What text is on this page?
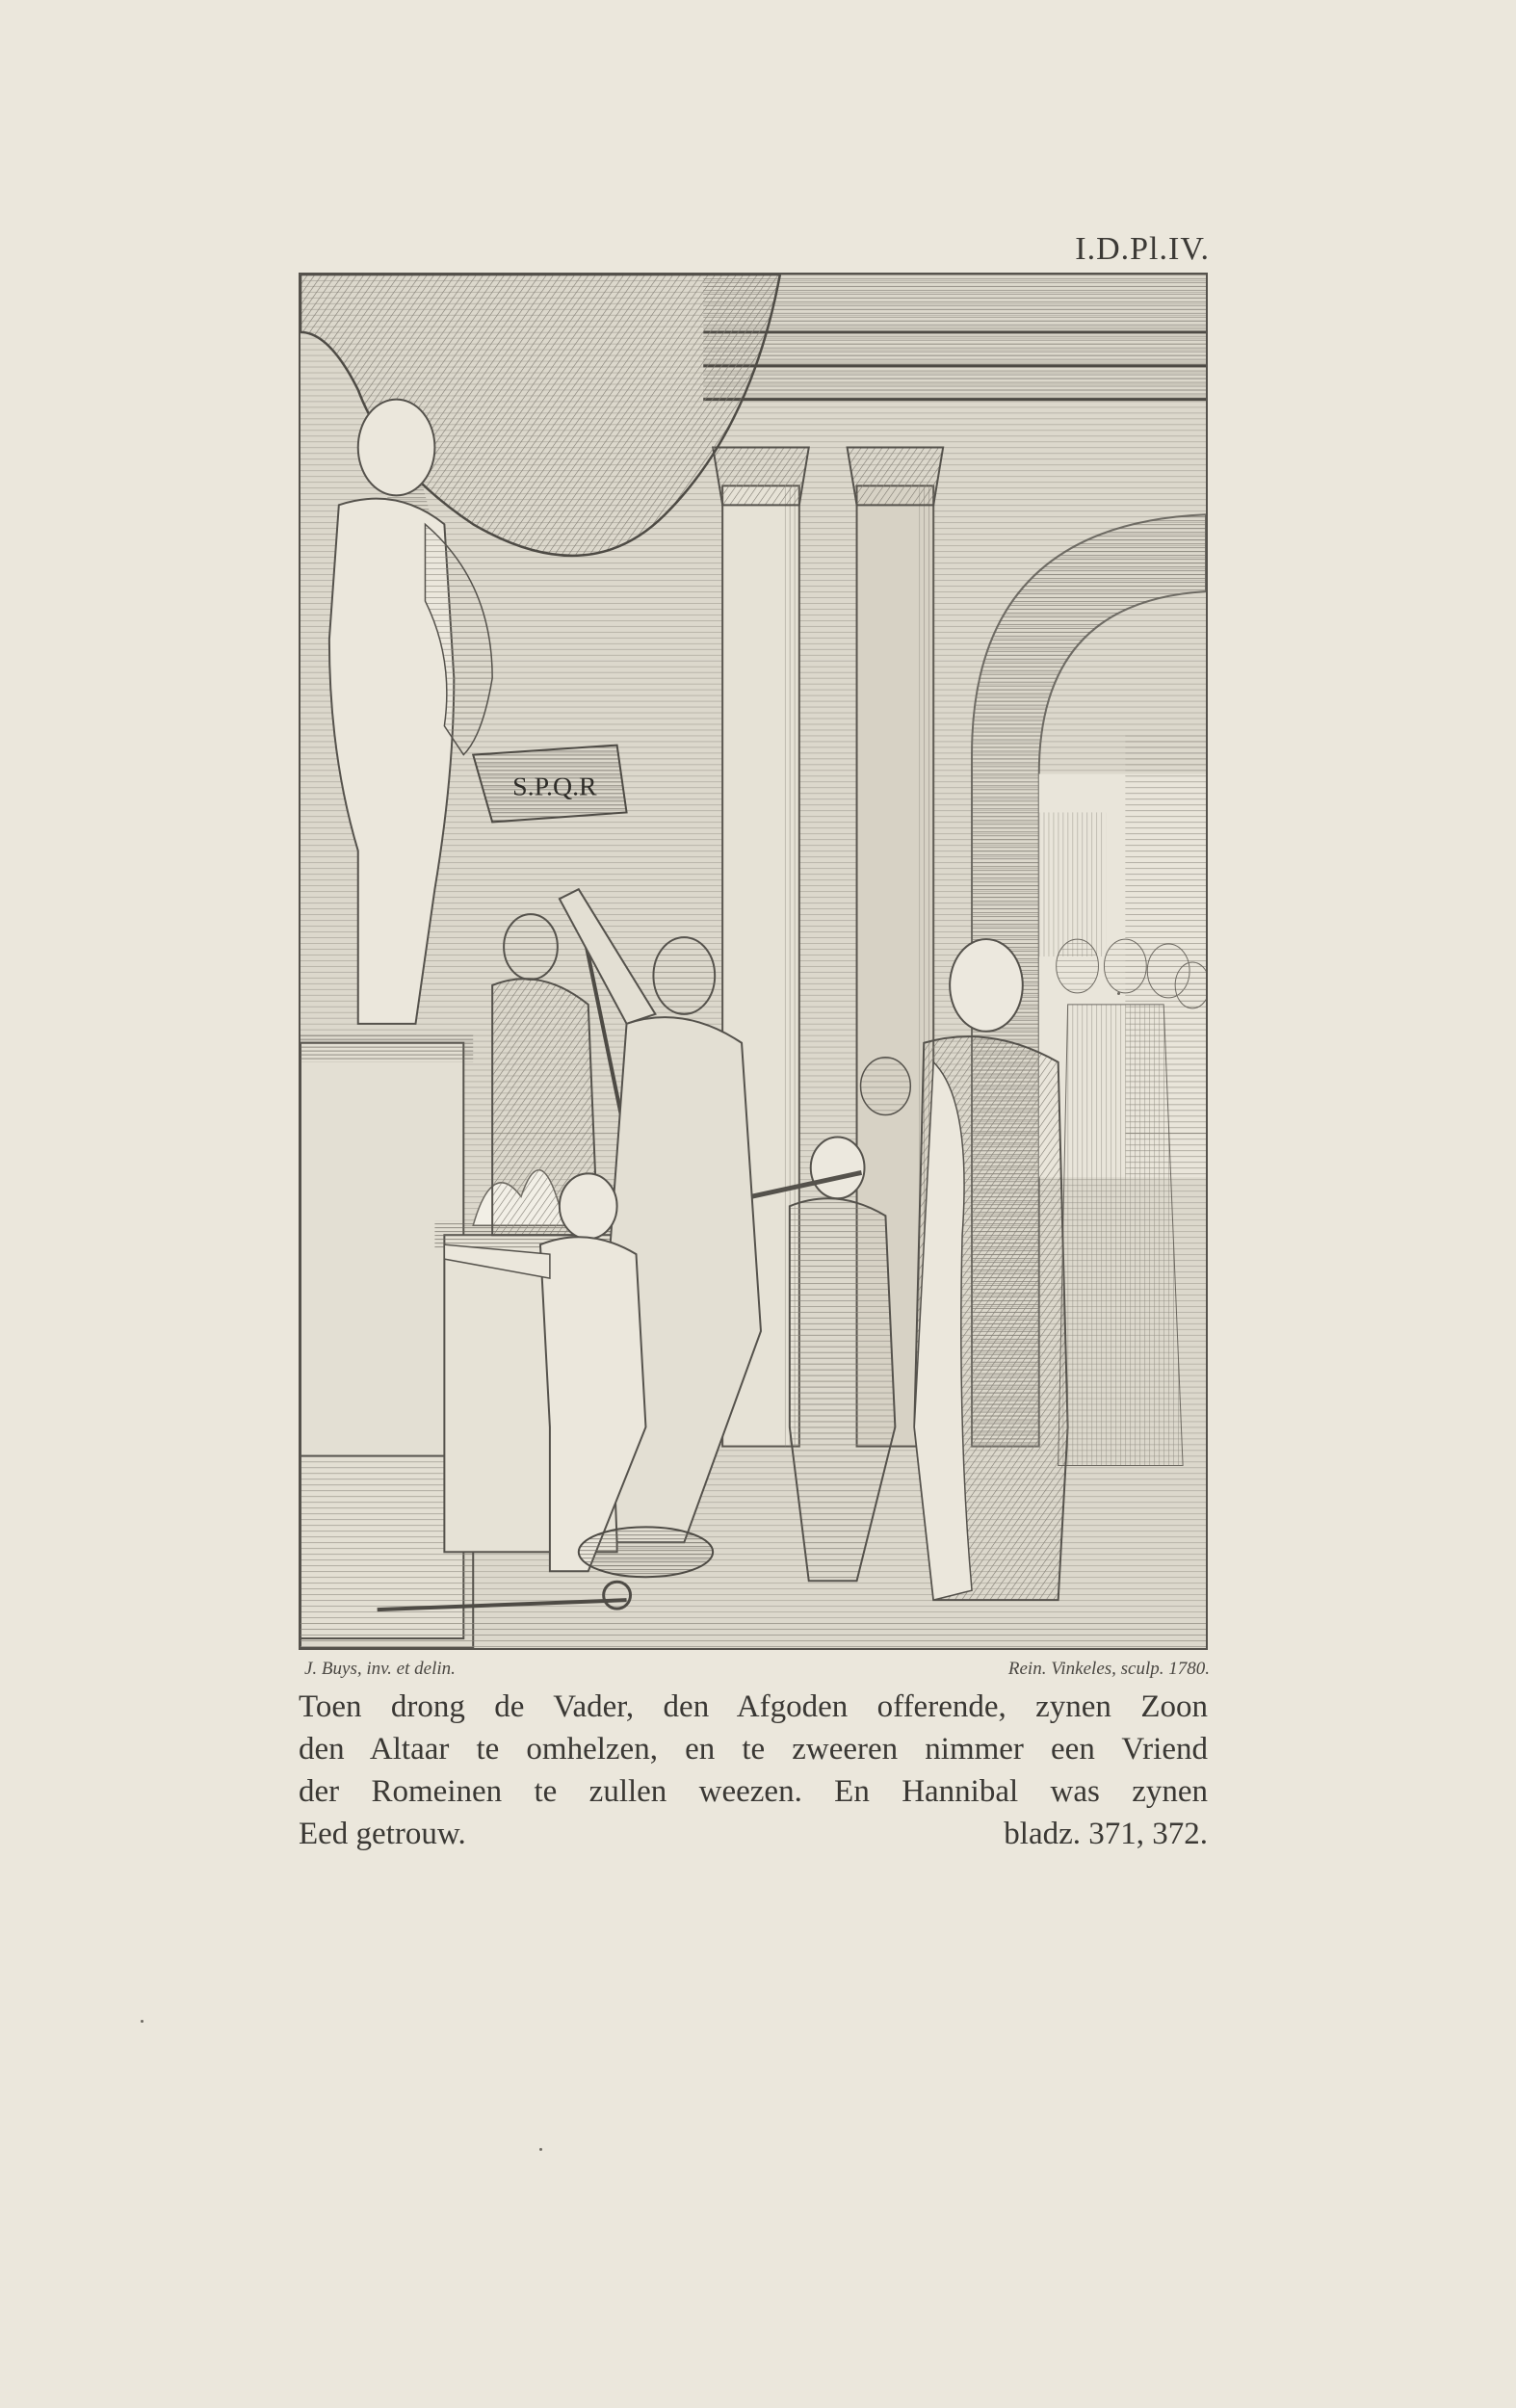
I.D.Pl.IV.
S.P.Q.R
J. Buys, inv. et delin.	Rein. Vinkeles, sculp. 1780.
Toen drong de Vader, den Afgoden offerende, zynen Zoon
den Altaar te omhelzen, en te zweeren nimmer een Vriend
der Romeinen te zullen weezen. En Hannibal was zynen
Eed getrouw.	bladz. 371, 372.
